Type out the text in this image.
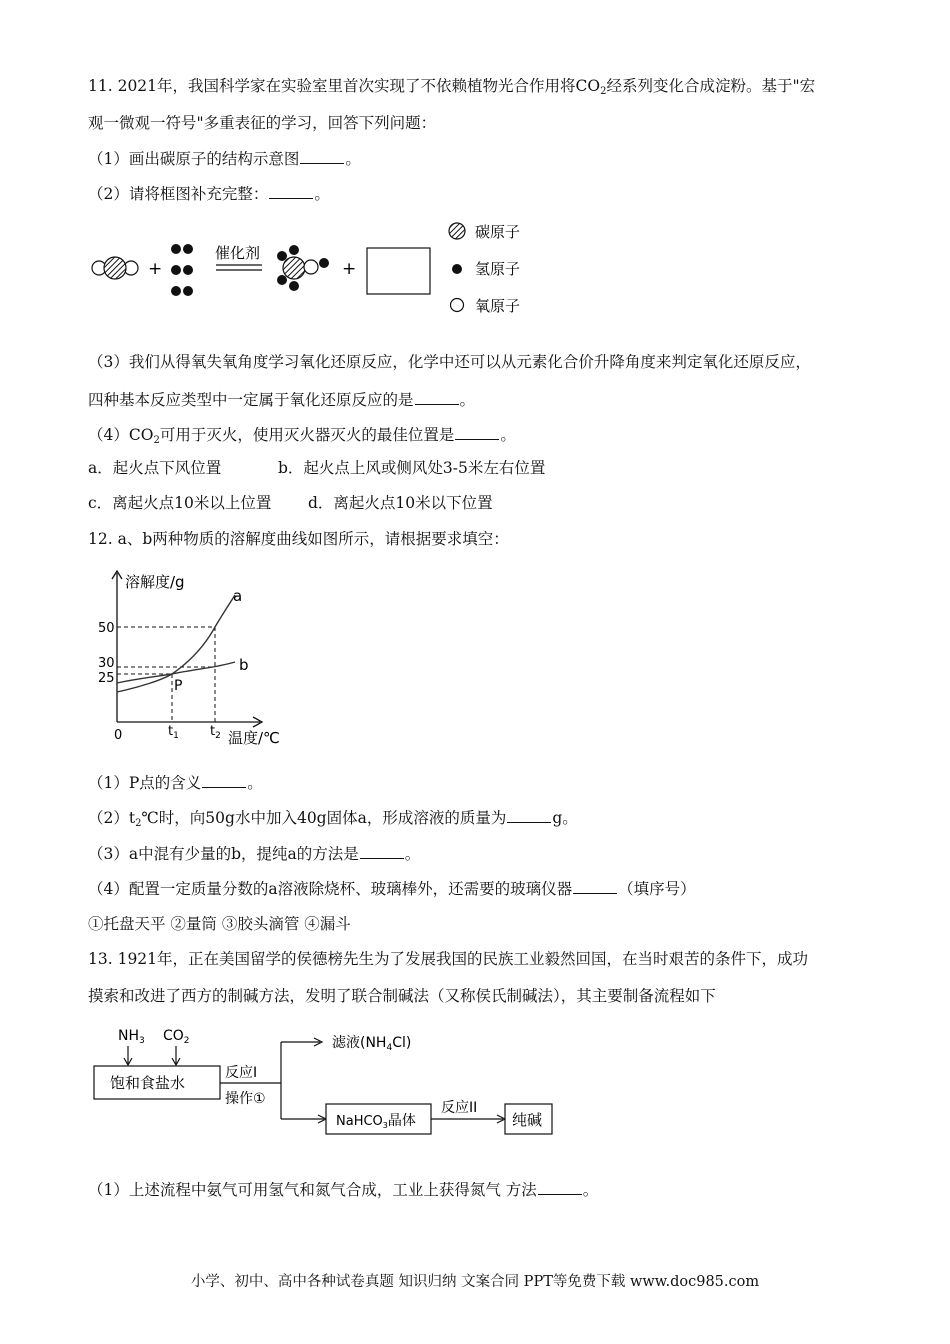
11. 2021年，我国科学家在实验室里首次实现了不依赖植物光合作用将$CO_2$经系列变化合成淀粉。基于"宏
观一微观一符号"多重表征的学习，回答下列问题：
（1）画出碳原子的结构示意图	。
（2）请将框图补充完整：	。
+
催化剂
+
碳原子
氢原子
氧原子
（3）我们从得氧失氧角度学习氧化还原反应，化学中还可以从元素化合价升降角度来判定氧化还原反应，
四种基本反应类型中一定属于氧化还原反应的是	。
$(4)CO_2$可用于灭火，使用灭火器灭火的最佳位置是	。
a．起火点下风位置	b．起火点上风或侧风处3-5米左右位置
c．离起火点10米以上位置 d．离起火点10米以下位置
12. a、b两种物质的溶解度曲线如图所示，请根据要求填空：
溶解度/g
温度/℃
0
50
30
25
$t_1$ $t_2$
a
b
P
（1）P点的含义	。
$(2)t_2℃$时，向50g水中加入40g固体a，形成溶液的质量为	g。
（3）a中混有少量的b，提纯a的方法是	。
（4）配置一定质量分数的a溶液除烧杯、玻璃棒外，还需要的玻璃仪器	（填序号）
①托盘天平 ②量筒 ③胶头滴管 ④漏斗
13. 1921年，正在美国留学的侯德榜先生为了发展我国的民族工业毅然回国，在当时艰苦的条件下，成功
摸索和改进了西方的制碱方法，发明了联合制碱法（又称侯氏制碱法），其主要制备流程如下
$NH_3$ $CO_2$
饱和食盐水
反应I
操作①
滤液$(NH_4Cl)$
NaHCO$_3$晶体
反应II
纯碱
（1）上述流程中氨气可用氢气和氮气合成，工业上获得氮气 方法	。
小学、初中、高中各种试卷真题 知识归纳 文案合同 PPT等免费下载 www.doc985.com
